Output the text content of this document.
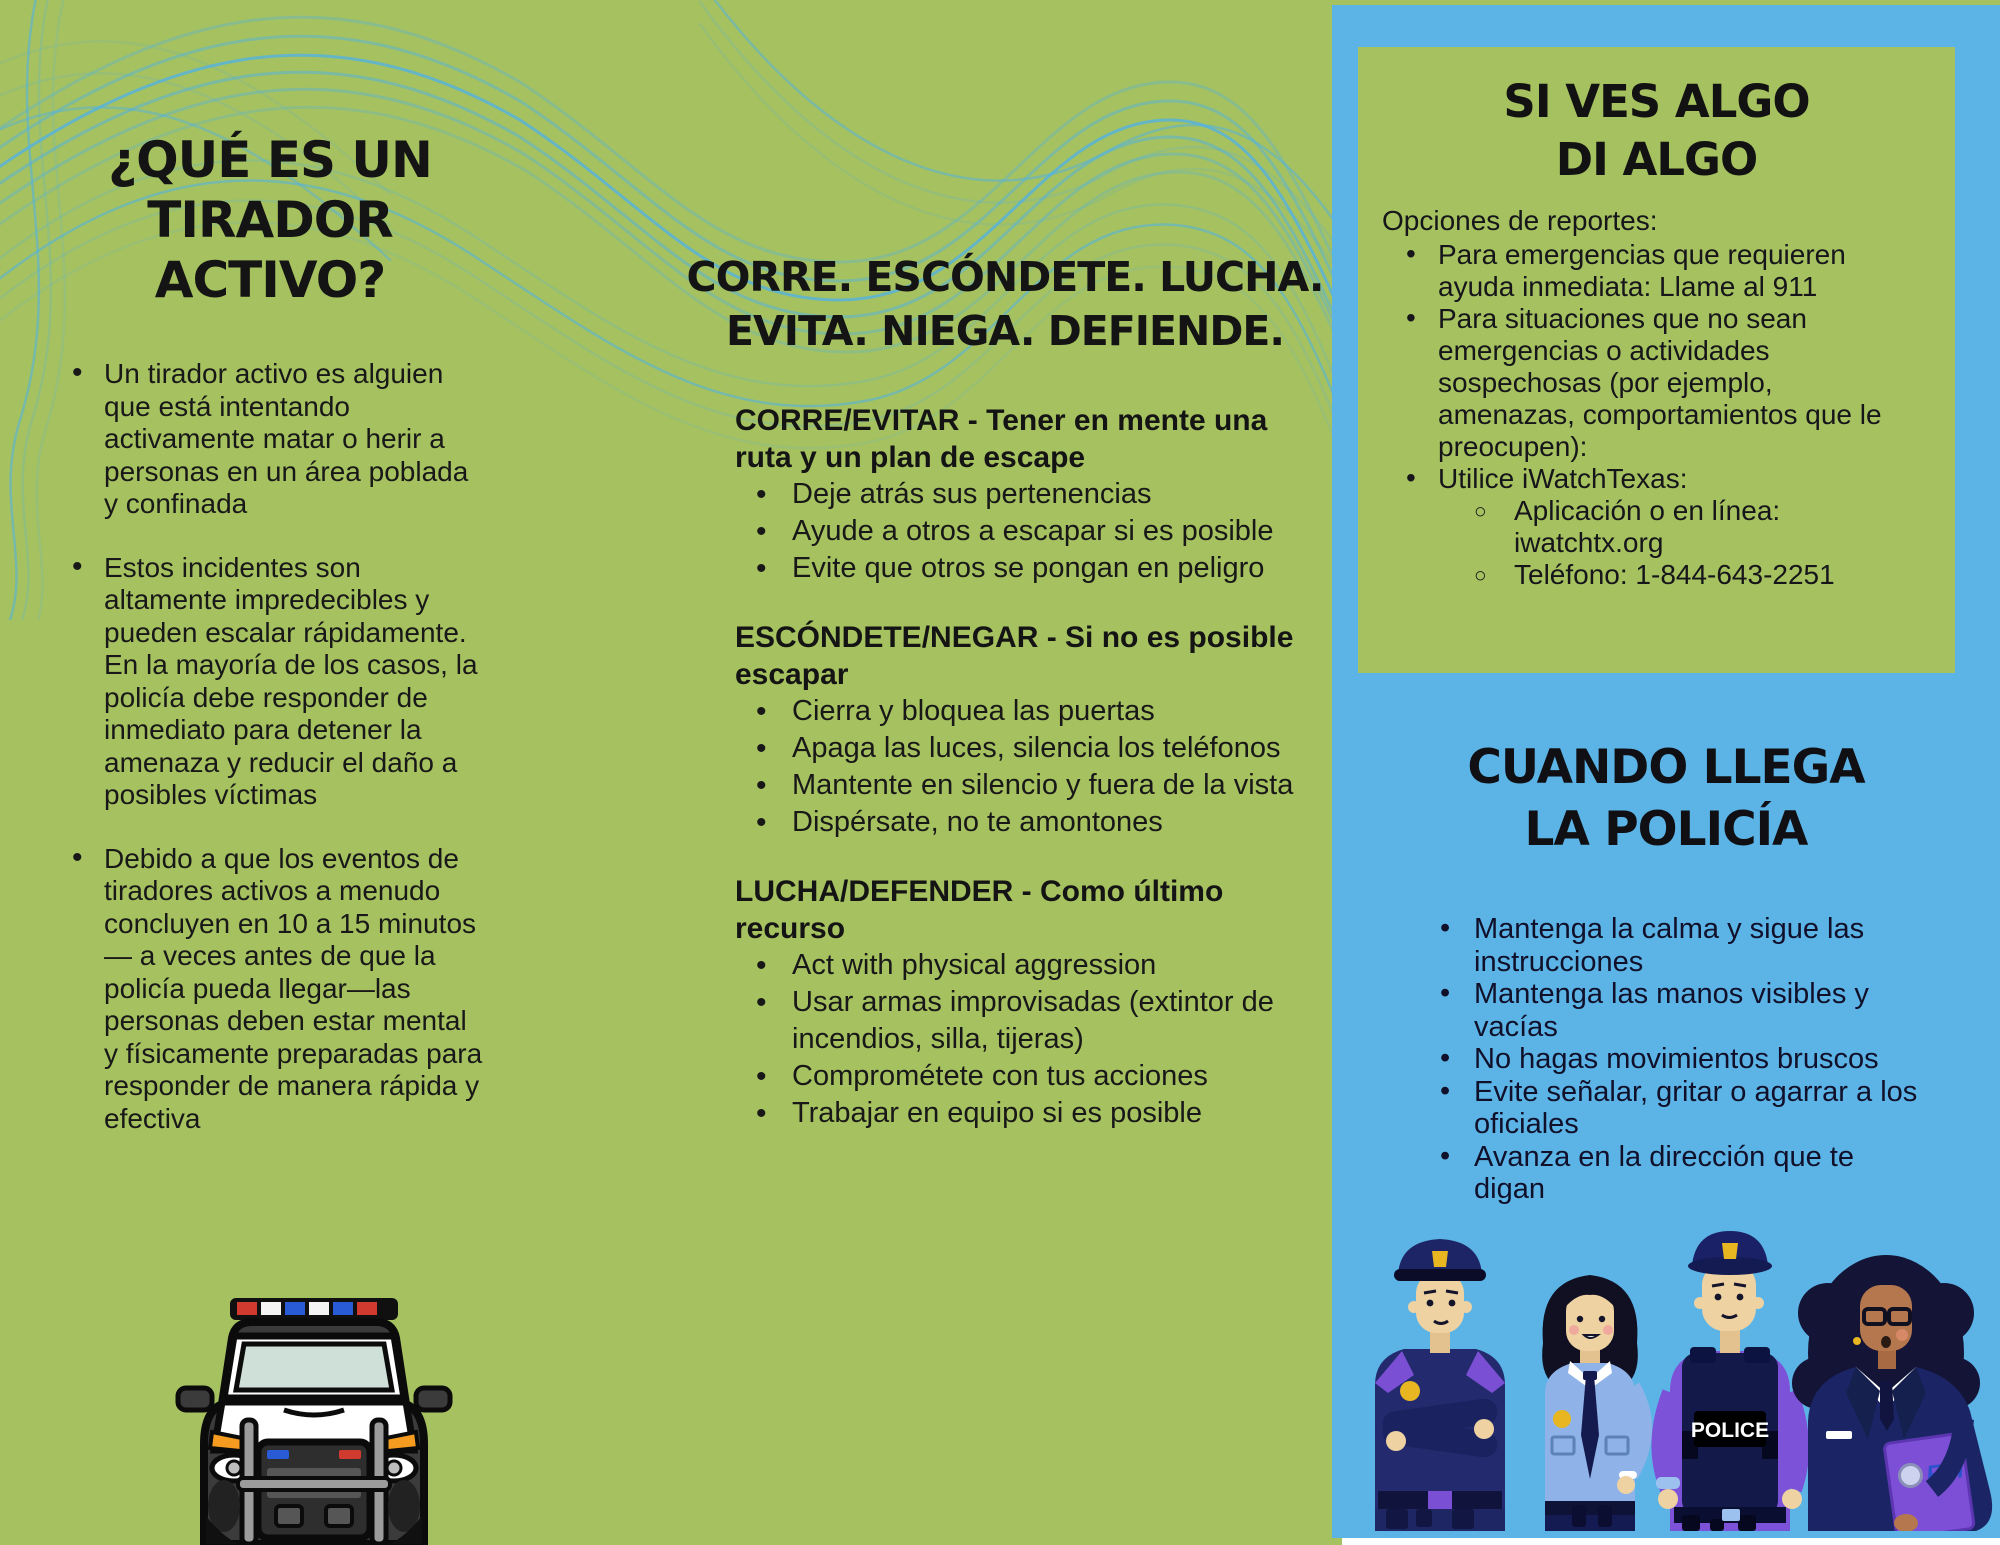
¿QUÉ ES UN
TIRADOR
ACTIVO?
• Un tirador activo es alguien que está intentando activamente matar o herir a personas en un área poblada y confinada
• Estos incidentes son altamente impredecibles y pueden escalar rápidamente. En la mayoría de los casos, la policía debe responder de inmediato para detener la amenaza y reducir el daño a posibles víctimas
• Debido a que los eventos de tiradores activos a menudo concluyen en 10 a 15 minutos — a veces antes de que la policía pueda llegar—las personas deben estar mental y físicamente preparadas para responder de manera rápida y efectiva
CORRE. ESCÓNDETE. LUCHA.
EVITA. NIEGA. DEFIENDE.
CORRE/EVITAR - Tener en mente una ruta y un plan de escape
• Deje atrás sus pertenencias
• Ayude a otros a escapar si es posible
• Evite que otros se pongan en peligro
ESCÓNDETE/NEGAR - Si no es posible escapar
• Cierra y bloquea las puertas
• Apaga las luces, silencia los teléfonos
• Mantente en silencio y fuera de la vista
• Dispérsate, no te amontones
LUCHA/DEFENDER - Como último recurso
• Act with physical aggression
• Usar armas improvisadas (extintor de incendios, silla, tijeras)
• Comprométete con tus acciones
• Trabajar en equipo si es posible
SI VES ALGO
DI ALGO

Opciones de reportes:

• Para emergencias que requieren ayuda inmediata: Llame al 911
• Para situaciones que no sean emergencias o actividades sospechosas (por ejemplo, amenazas, comportamientos que le preocupen):
• Utilice iWatchTexas:
○ Aplicación o en línea: iwatchtx.org
○ Teléfono: 1-844-643-2251
CUANDO LLEGA
LA POLICÍA
• Mantenga la calma y sigue las instrucciones
• Mantenga las manos visibles y vacías
• No hagas movimientos bruscos
• Evite señalar, gritar o agarrar a los oficiales
• Avanza en la dirección que te digan
POLICE
FBI
